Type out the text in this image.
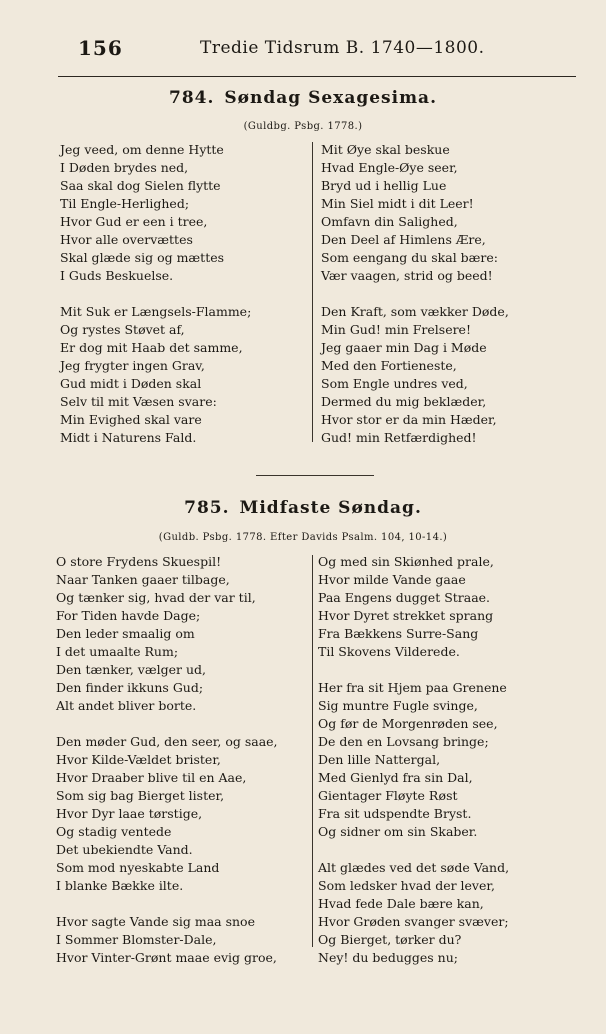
156	Tredie Tidsrum B. 1740—1800.
784. Søndag Sexagesima.
(Guldbg. Psbg. 1778.)
Jeg veed, om denne Hytte
I Døden brydes ned,
Saa skal dog Sielen flytte
Til Engle-Herlighed;
Hvor Gud er een i tree,
Hvor alle overvættes
Skal glæde sig og mættes
I Guds Beskuelse.
Mit Suk er Længsels-Flamme;
Og rystes Støvet af,
Er dog mit Haab det samme,
Jeg frygter ingen Grav,
Gud midt i Døden skal
Selv til mit Væsen svare:
Min Evighed skal vare
Midt i Naturens Fald.
Mit Øye skal beskue
Hvad Engle-Øye seer,
Bryd ud i hellig Lue
Min Siel midt i dit Leer!
Omfavn din Salighed,
Den Deel af Himlens Ære,
Som eengang du skal bære:
Vær vaagen, strid og beed!
Den Kraft, som vækker Døde,
Min Gud! min Frelsere!
Jeg gaaer min Dag i Møde
Med den Fortieneste,
Som Engle undres ved,
Dermed du mig beklæder,
Hvor stor er da min Hæder,
Gud! min Retfærdighed!
785. Midfaste Søndag.
(Guldb. Psbg. 1778. Efter Davids Psalm. 104, 10-14.)
O store Frydens Skuespil!
Naar Tanken gaaer tilbage,
Og tænker sig, hvad der var til,
For Tiden havde Dage;
Den leder smaalig om
I det umaalte Rum;
Den tænker, vælger ud,
Den finder ikkuns Gud;
Alt andet bliver borte.
Den møder Gud, den seer, og saae,
Hvor Kilde-Vældet brister,
Hvor Draaber blive til en Aae,
Som sig bag Bierget lister,
Hvor Dyr laae tørstige,
Og stadig ventede
Det ubekiendte Vand.
Som mod nyeskabte Land
I blanke Bække ilte.
Hvor sagte Vande sig maa snoe
I Sommer Blomster-Dale,
Hvor Vinter-Grønt maae evig groe,
Og med sin Skiønhed prale,
Hvor milde Vande gaae
Paa Engens dugget Straae.
Hvor Dyret strekket sprang
Fra Bækkens Surre-Sang
Til Skovens Vilderede.
Her fra sit Hjem paa Grenene
Sig muntre Fugle svinge,
Og før de Morgenrøden see,
De den en Lovsang bringe;
Den lille Nattergal,
Med Gienlyd fra sin Dal,
Gientager Fløyte Røst
Fra sit udspendte Bryst.
Og sidner om sin Skaber.
Alt glædes ved det søde Vand,
Som ledsker hvad der lever,
Hvad fede Dale bære kan,
Hvor Grøden svanger svæver;
Og Bierget, tørker du?
Ney! du bedugges nu;
